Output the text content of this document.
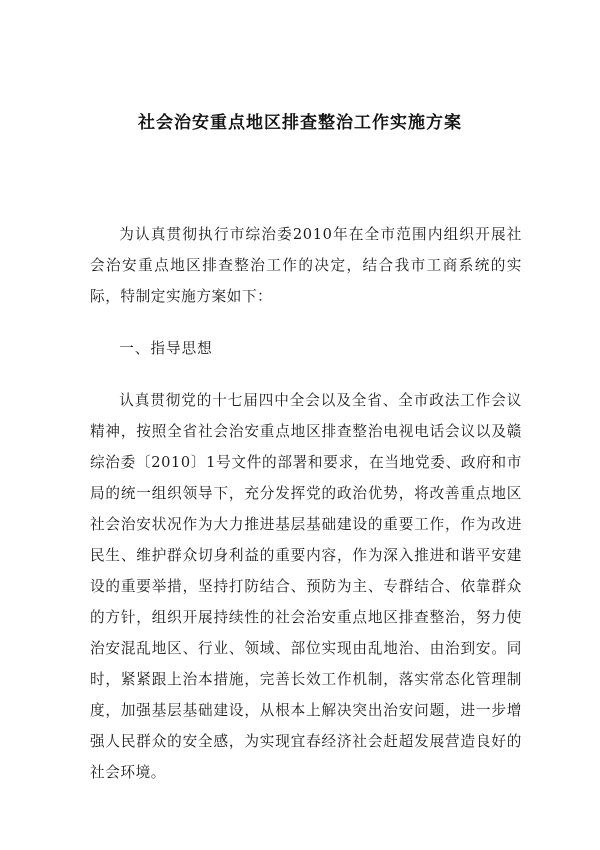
社会治安重点地区排查整治工作实施方案

为认真贯彻执行市综治委2010年在全市范围内组织开展社会治安重点地区排查整治工作的决定，结合我市工商系统的实际，特制定实施方案如下：

一、指导思想

认真贯彻党的十七届四中全会以及全省、全市政法工作会议精神，按照全省社会治安重点地区排查整治电视电话会议以及赣综治委〔2010〕1号文件的部署和要求，在当地党委、政府和市局的统一组织领导下，充分发挥党的政治优势，将改善重点地区社会治安状况作为大力推进基层基础建设的重要工作，作为改进民生、维护群众切身利益的重要内容，作为深入推进和谐平安建设的重要举措，坚持打防结合、预防为主、专群结合、依靠群众的方针，组织开展持续性的社会治安重点地区排查整治，努力使治安混乱地区、行业、领域、部位实现由乱地治、由治到安。同时，紧紧跟上治本措施，完善长效工作机制，落实常态化管理制度，加强基层基础建设，从根本上解决突出治安问题，进一步增强人民群众的安全感，为实现宜春经济社会赶超发展营造良好的社会环境。
